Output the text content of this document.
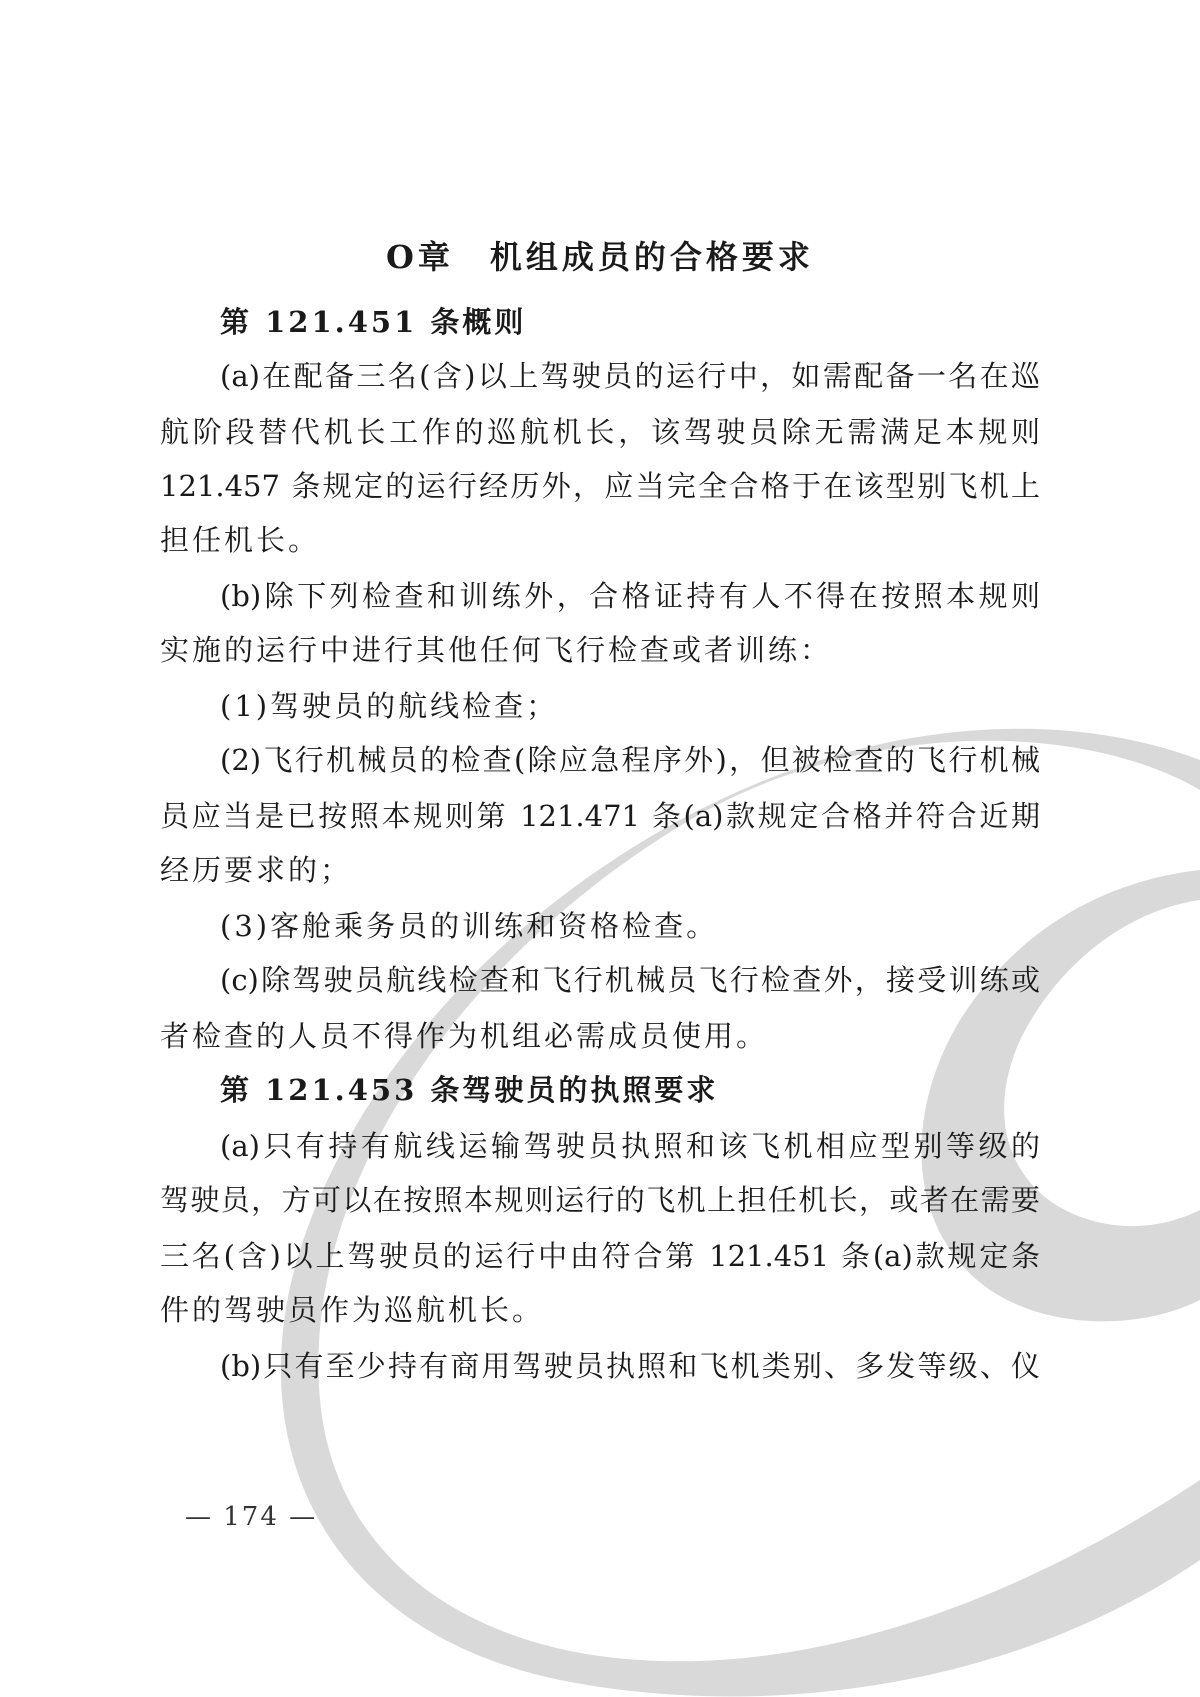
O章　机组成员的合格要求
第 121.451 条概则
(a)在配备三名(含)以上驾驶员的运行中，如需配备一名在巡
航阶段替代机长工作的巡航机长，该驾驶员除无需满足本规则
121.457 条规定的运行经历外，应当完全合格于在该型别飞机上
担任机长。
(b)除下列检查和训练外，合格证持有人不得在按照本规则
实施的运行中进行其他任何飞行检查或者训练：
(1)驾驶员的航线检查；
(2)飞行机械员的检查(除应急程序外)，但被检查的飞行机械
员应当是已按照本规则第 121.471 条(a)款规定合格并符合近期
经历要求的；
(3)客舱乘务员的训练和资格检查。
(c)除驾驶员航线检查和飞行机械员飞行检查外，接受训练或
者检查的人员不得作为机组必需成员使用。
第 121.453 条驾驶员的执照要求
(a)只有持有航线运输驾驶员执照和该飞机相应型别等级的
驾驶员，方可以在按照本规则运行的飞机上担任机长，或者在需要
三名(含)以上驾驶员的运行中由符合第 121.451 条(a)款规定条
件的驾驶员作为巡航机长。
(b)只有至少持有商用驾驶员执照和飞机类别、多发等级、仪
— 174 —
